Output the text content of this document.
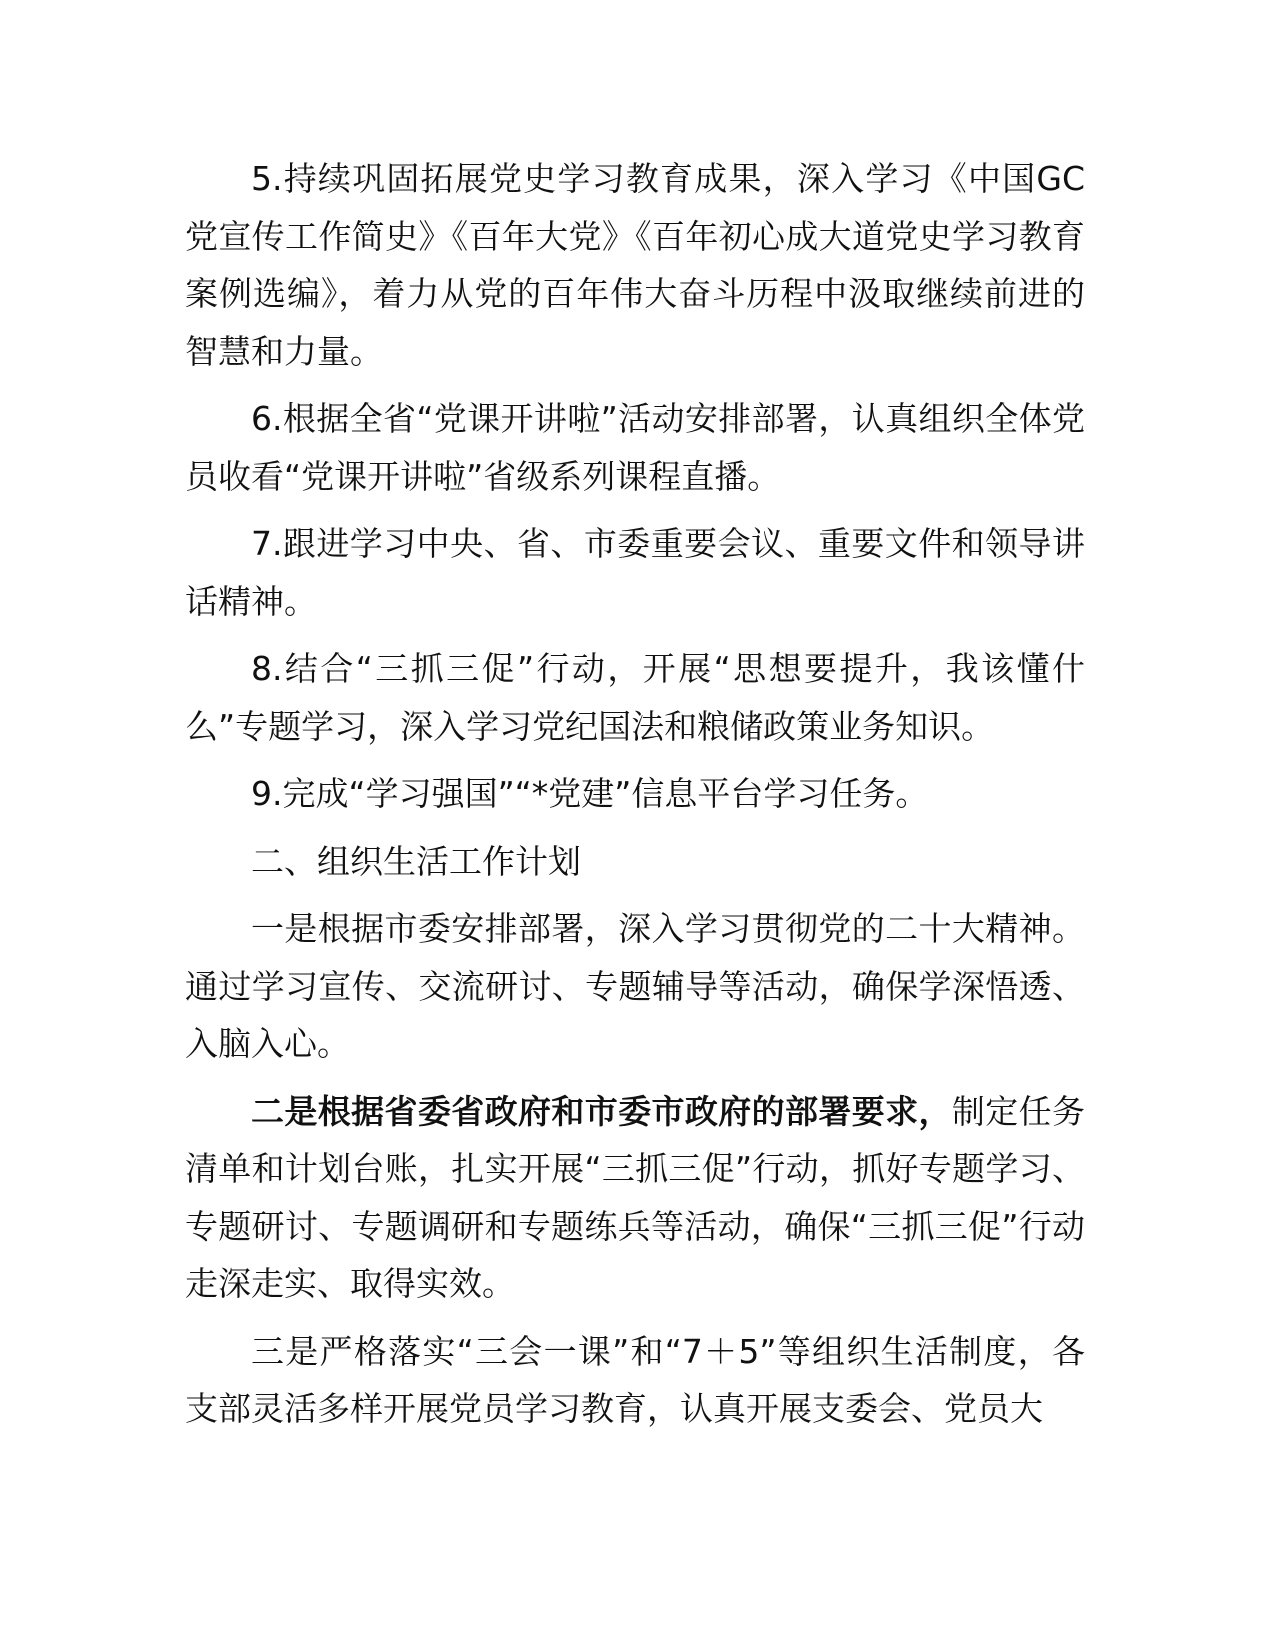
5.持续巩固拓展党史学习教育成果，深入学习《中国GC党宣传工作简史》《百年大党》《百年初心成大道党史学习教育案例选编》，着力从党的百年伟大奋斗历程中汲取继续前进的智慧和力量。

6.根据全省“党课开讲啦”活动安排部署，认真组织全体党员收看“党课开讲啦”省级系列课程直播。

7.跟进学习中央、省、市委重要会议、重要文件和领导讲话精神。

8.结合“三抓三促”行动，开展“思想要提升，我该懂什么”专题学习，深入学习党纪国法和粮储政策业务知识。

9.完成“学习强国”“*党建”信息平台学习任务。

二、组织生活工作计划

一是根据市委安排部署，深入学习贯彻党的二十大精神。通过学习宣传、交流研讨、专题辅导等活动，确保学深悟透、入脑入心。

二是根据省委省政府和市委市政府的部署要求，制定任务清单和计划台账，扎实开展“三抓三促”行动，抓好专题学习、专题研讨、专题调研和专题练兵等活动，确保“三抓三促”行动走深走实、取得实效。

三是严格落实“三会一课”和“7＋5”等组织生活制度，各支部灵活多样开展党员学习教育，认真开展支委会、党员大
